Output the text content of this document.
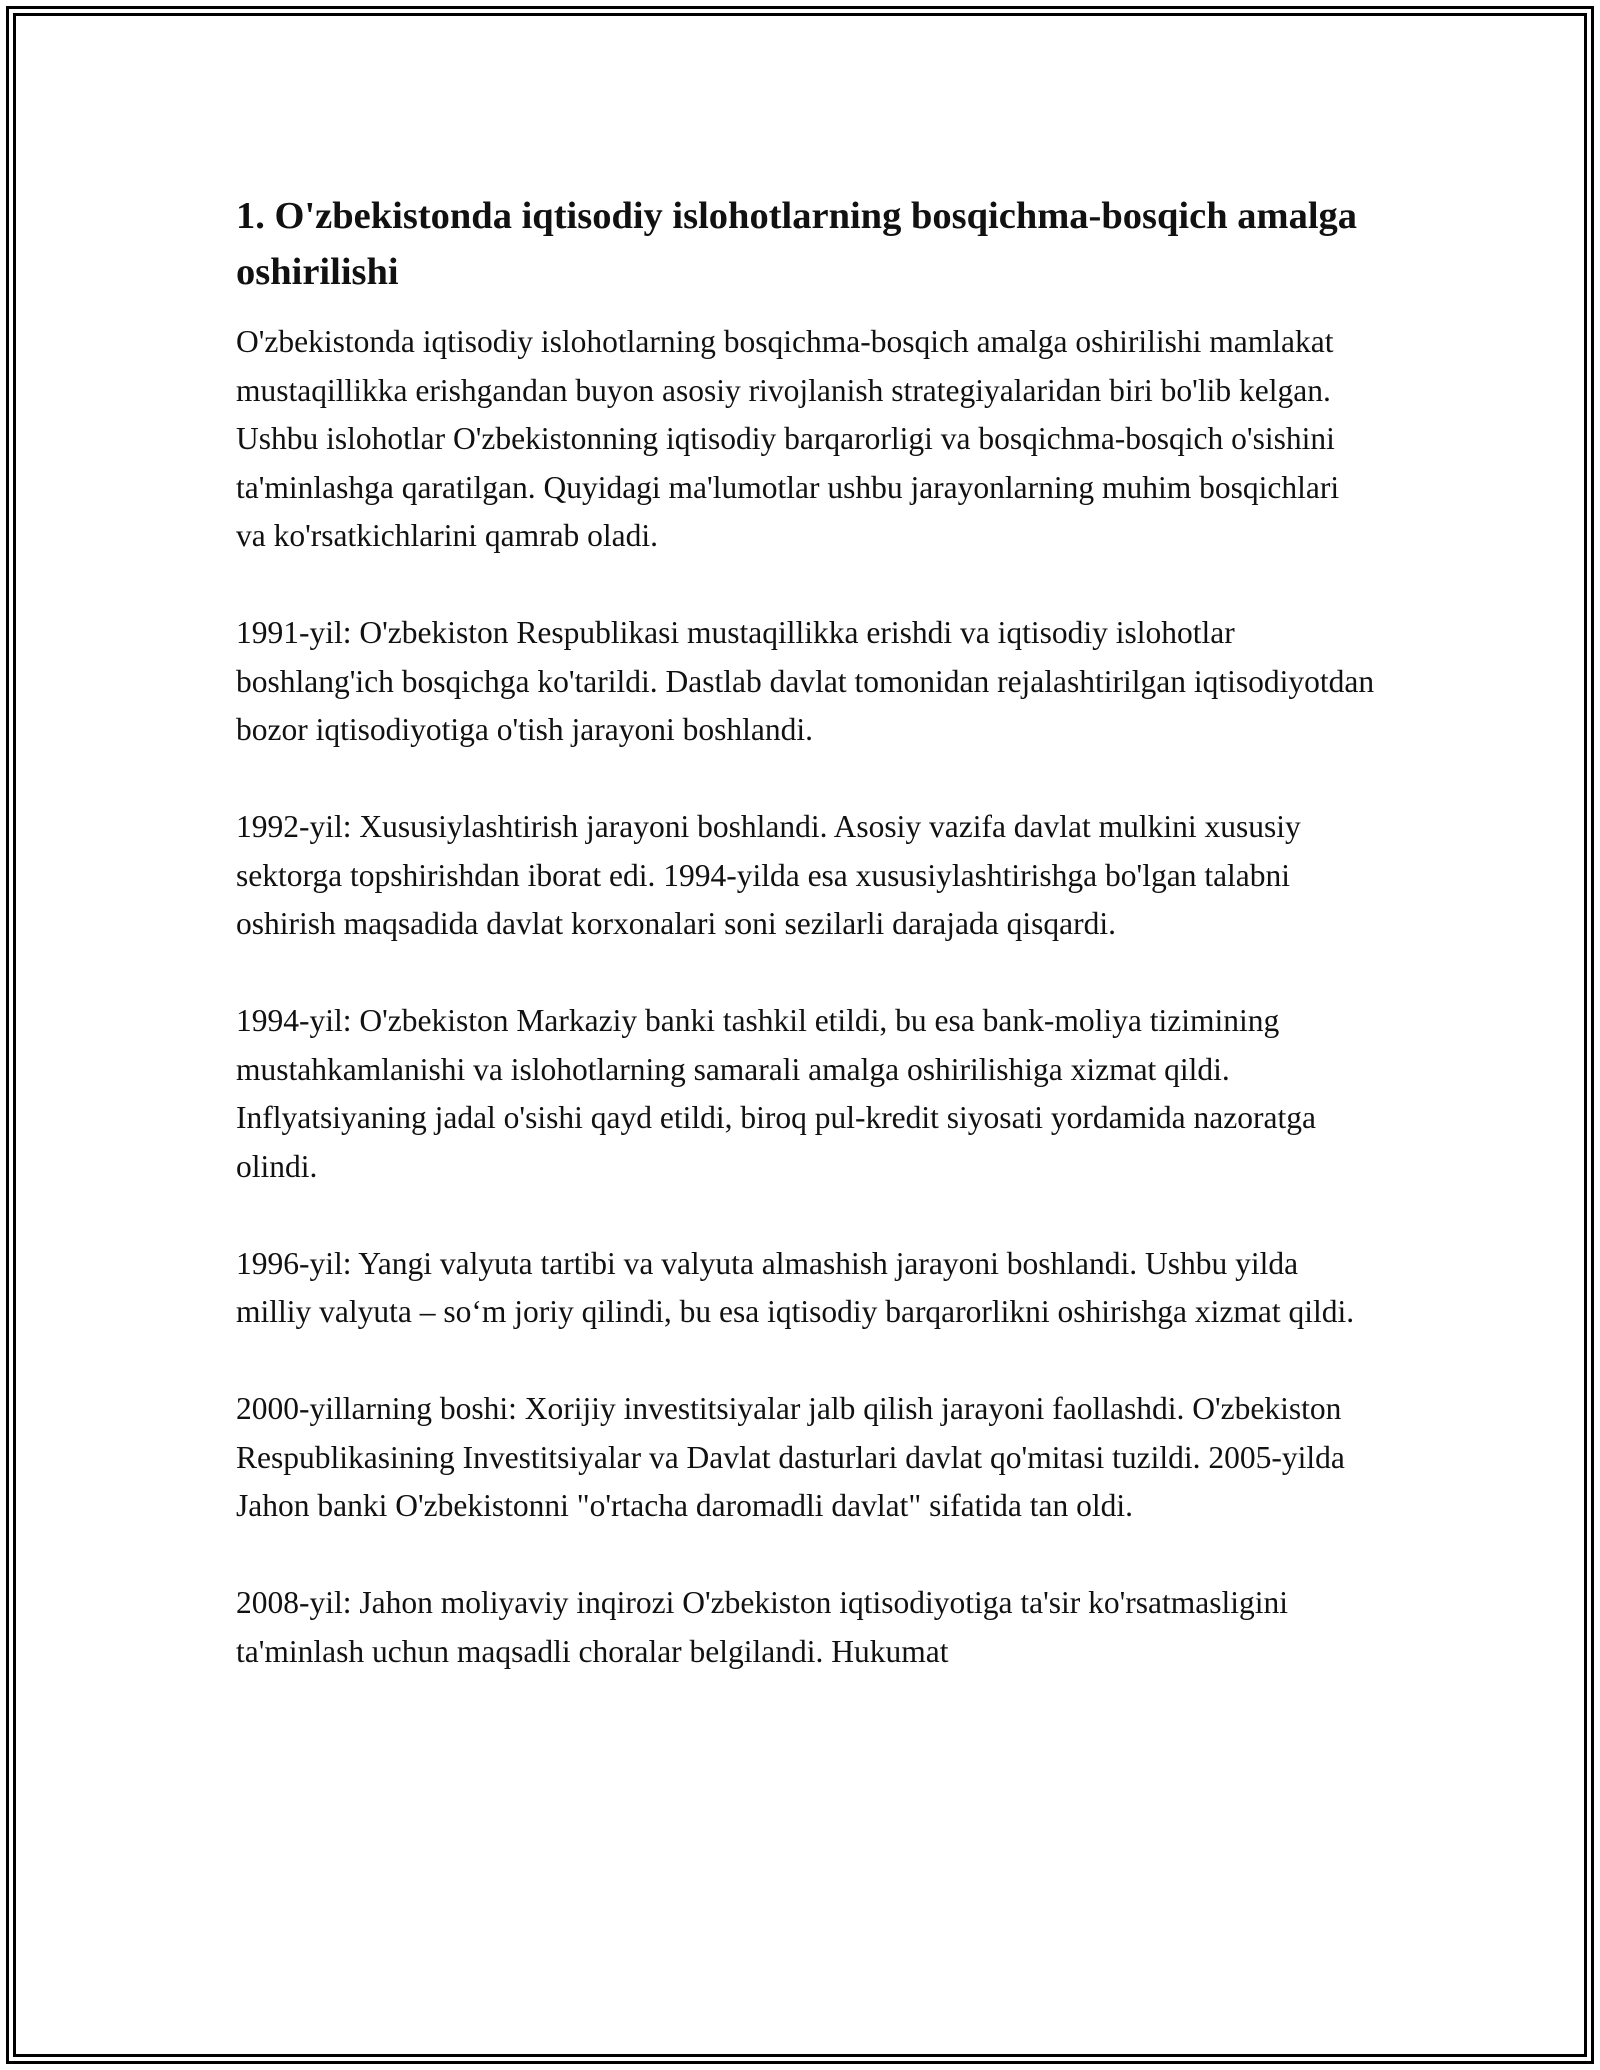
1. O'zbekistonda iqtisodiy islohotlarning bosqichma-bosqich amalga oshirilishi

O'zbekistonda iqtisodiy islohotlarning bosqichma-bosqich amalga oshirilishi mamlakat mustaqillikka erishgandan buyon asosiy rivojlanish strategiyalaridan biri bo'lib kelgan. Ushbu islohotlar O'zbekistonning iqtisodiy barqarorligi va bosqichma-bosqich o'sishini ta'minlashga qaratilgan. Quyidagi ma'lumotlar ushbu jarayonlarning muhim bosqichlari va ko'rsatkichlarini qamrab oladi.

1991-yil: O'zbekiston Respublikasi mustaqillikka erishdi va iqtisodiy islohotlar boshlang'ich bosqichga ko'tarildi. Dastlab davlat tomonidan rejalashtirilgan iqtisodiyotdan bozor iqtisodiyotiga o'tish jarayoni boshlandi.

1992-yil: Xususiylashtirish jarayoni boshlandi. Asosiy vazifa davlat mulkini xususiy sektorga topshirishdan iborat edi. 1994-yilda esa xususiylashtirishga bo'lgan talabni oshirish maqsadida davlat korxonalari soni sezilarli darajada qisqardi.

1994-yil: O'zbekiston Markaziy banki tashkil etildi, bu esa bank-moliya tizimining mustahkamlanishi va islohotlarning samarali amalga oshirilishiga xizmat qildi. Inflyatsiyaning jadal o'sishi qayd etildi, biroq pul-kredit siyosati yordamida nazoratga olindi.

1996-yil: Yangi valyuta tartibi va valyuta almashish jarayoni boshlandi. Ushbu yilda milliy valyuta – so‘m joriy qilindi, bu esa iqtisodiy barqarorlikni oshirishga xizmat qildi.

2000-yillarning boshi: Xorijiy investitsiyalar jalb qilish jarayoni faollashdi. O'zbekiston Respublikasining Investitsiyalar va Davlat dasturlari davlat qo'mitasi tuzildi. 2005-yilda Jahon banki O'zbekistonni "o'rtacha daromadli davlat" sifatida tan oldi.

2008-yil: Jahon moliyaviy inqirozi O'zbekiston iqtisodiyotiga ta'sir ko'rsatmasligini ta'minlash uchun maqsadli choralar belgilandi. Hukumat
